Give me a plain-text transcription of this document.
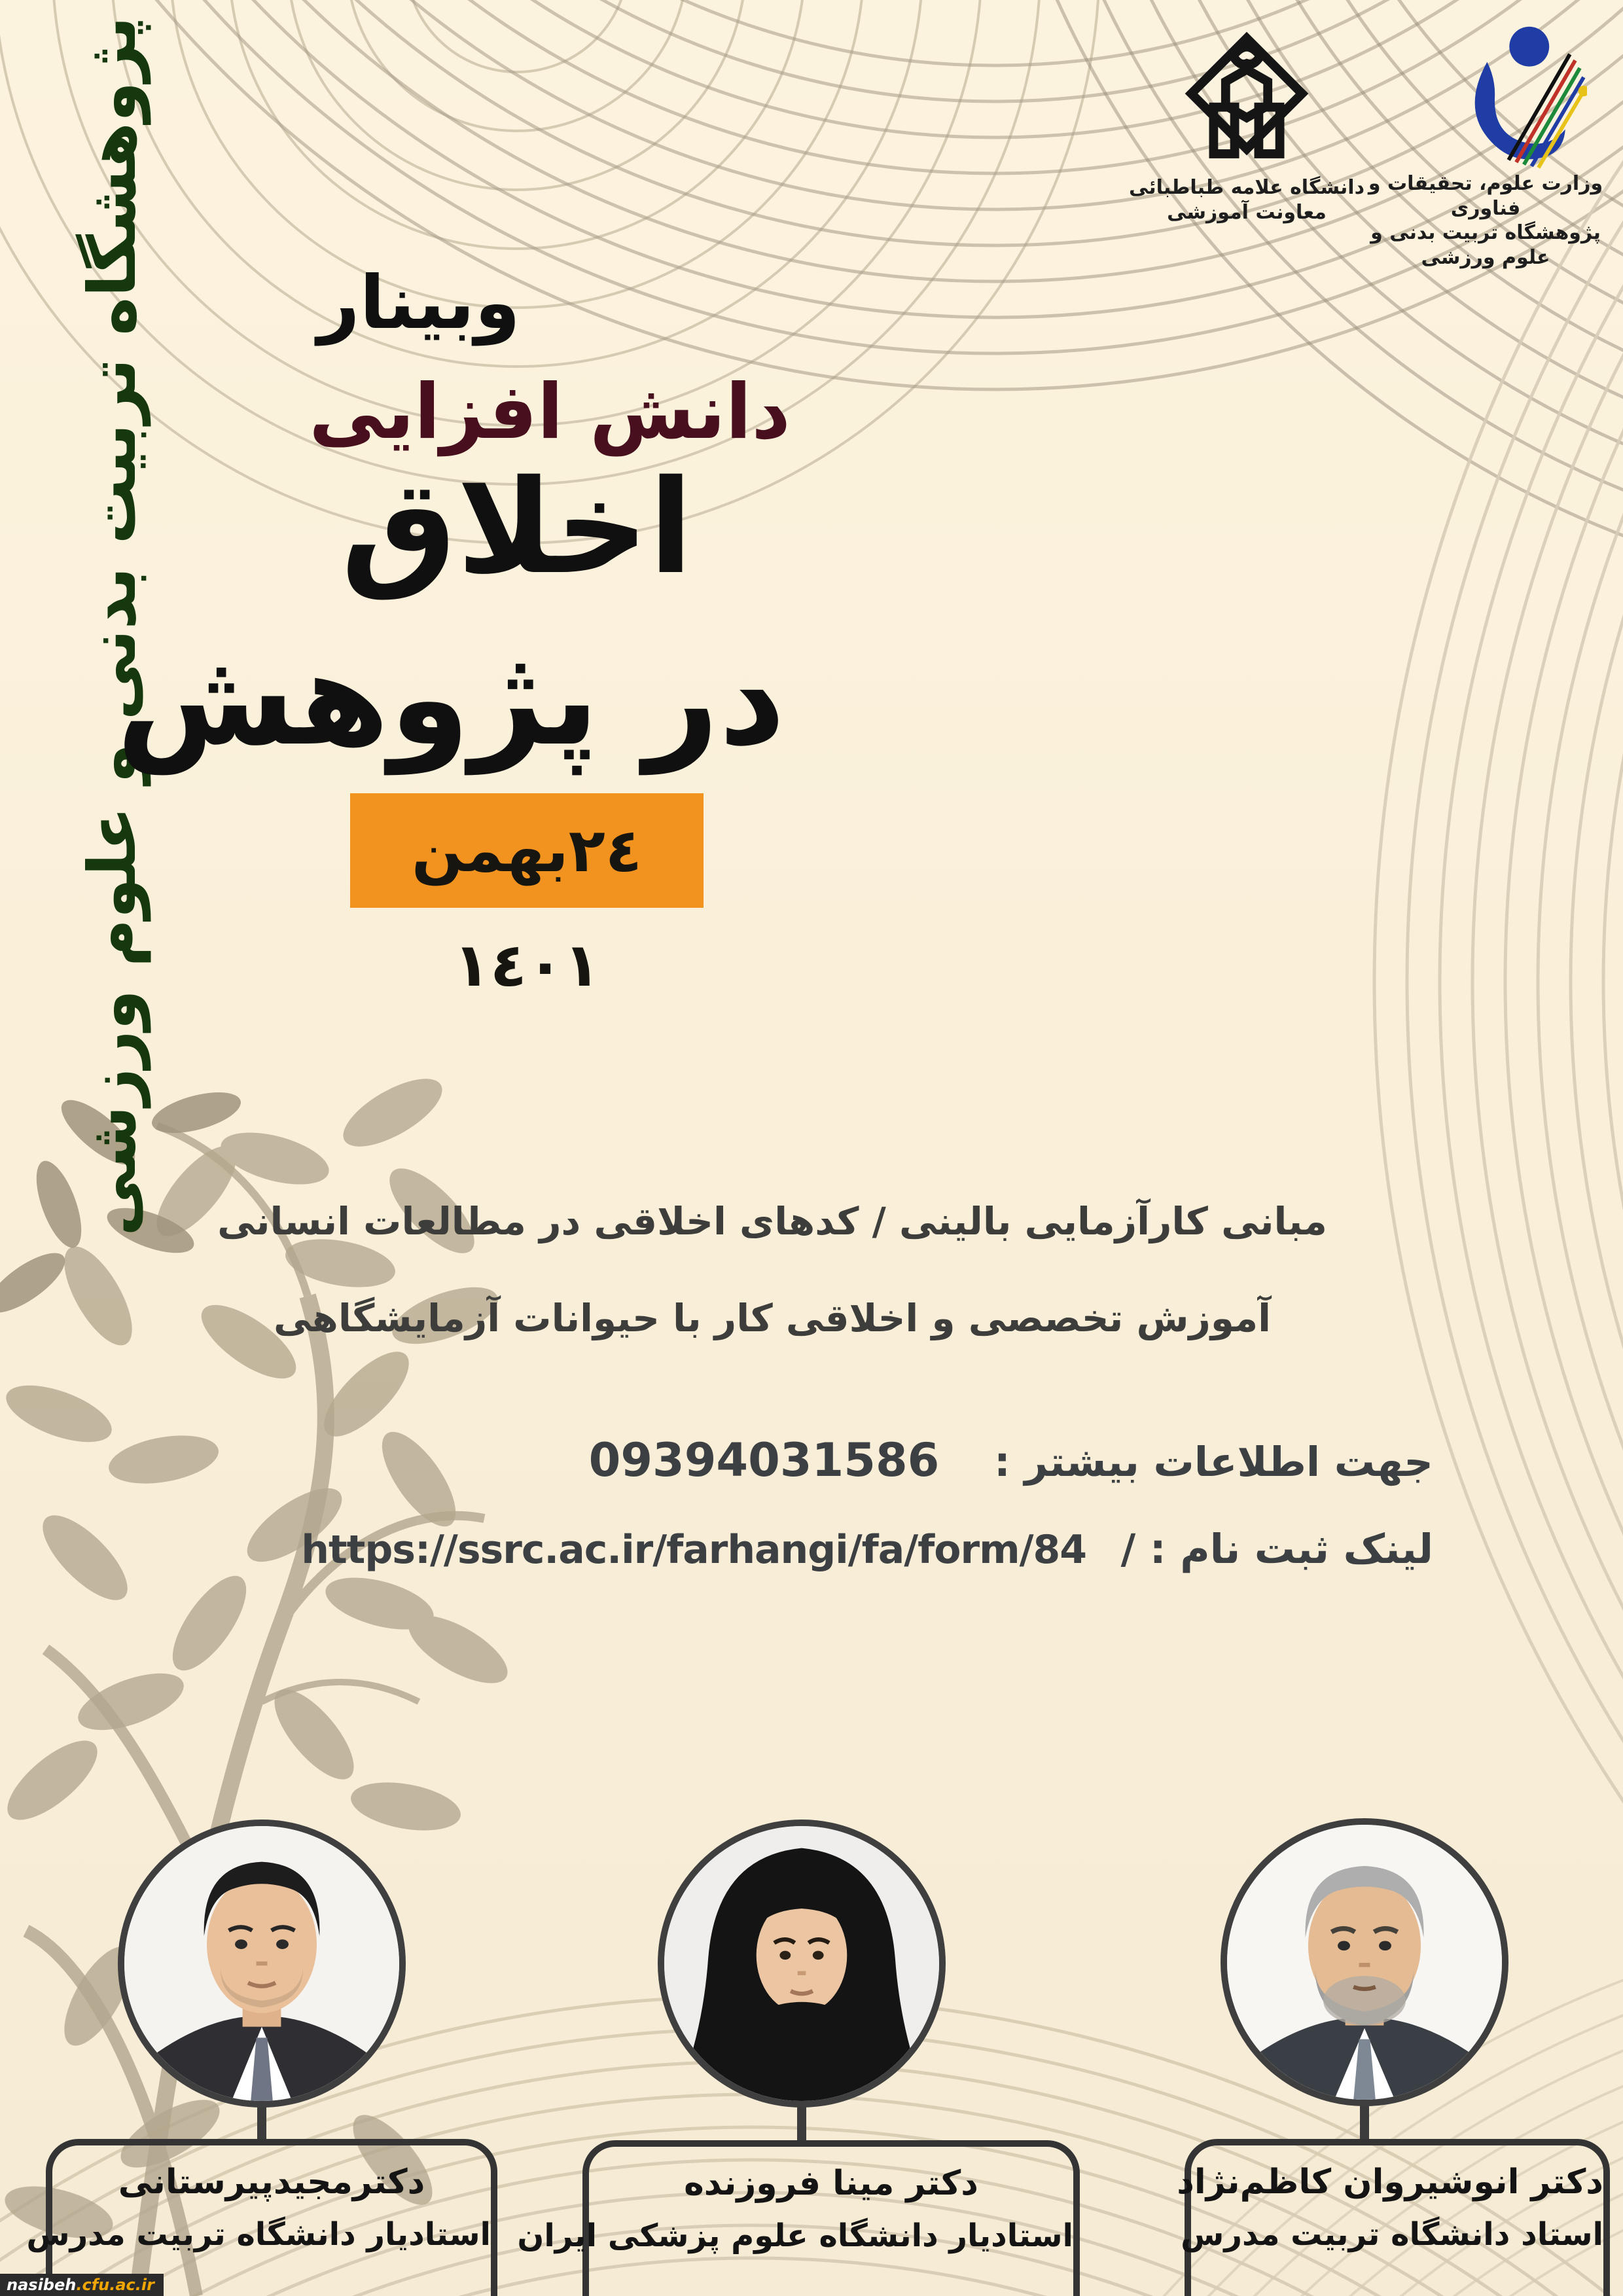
پژوهشگاه تربیت بدنی و علوم ورزشی	دانشگاه علامه طباطبائی
معاونت آموزشی
وزارت علوم، تحقیقات و فناوری
پژوهشگاه تربیت بدنی و علوم ورزشی
وبینار
دانش افزایی
اخلاق
در پژوهش
٢٤بهمن ١٤٠١
مبانی کارآزمایی بالینی / کدهای اخلاقی در مطالعات انسانی
آموزش تخصصی و اخلاقی کار با حیوانات آزمایشگاهی
جهت اطلاعات بیشتر :  09394031586
لینک ثبت نام : /  https://ssrc.ac.ir/farhangi/fa/form/84
دکترمجیدپیرستانی
استادیار دانشگاه تربیت مدرس
دکتر مینا فروزنده
استادیار دانشگاه علوم پزشکی ایران
دکتر انوشیروان کاظم‌نژاد
استاد دانشگاه تربیت مدرس
nasibeh.cfu.ac.ir
